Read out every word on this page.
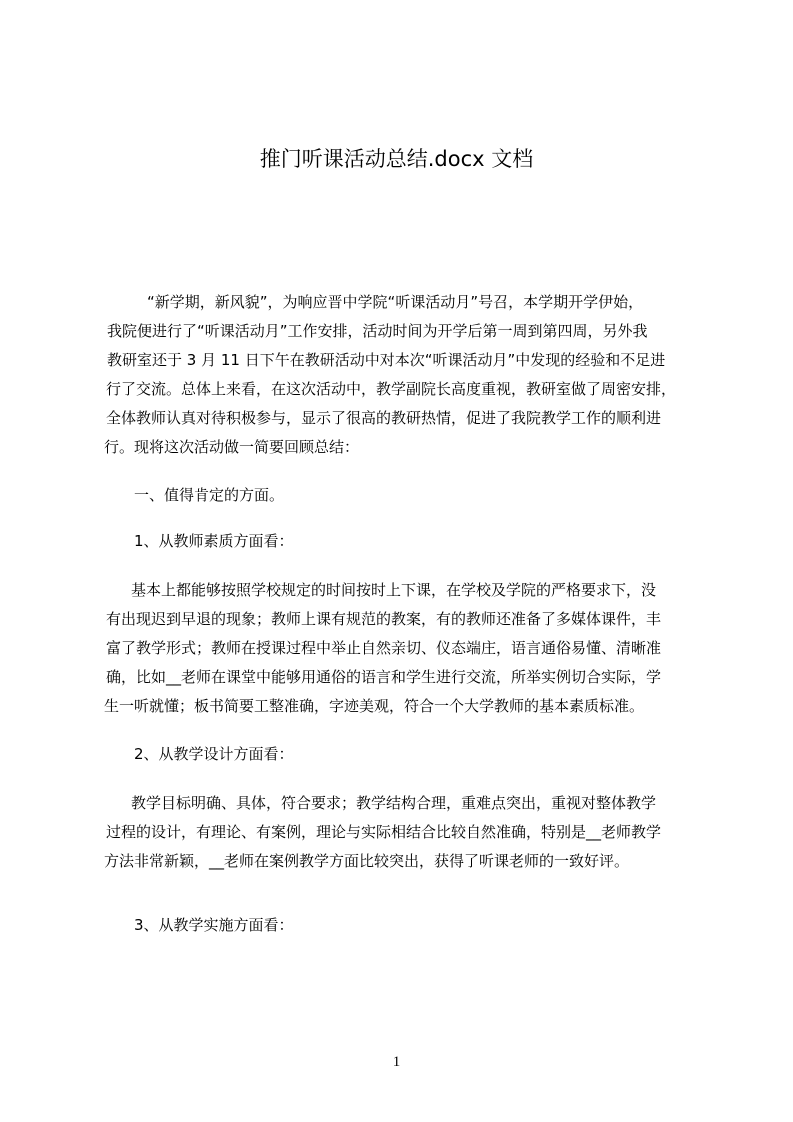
推门听课活动总结.docx 文档
“新学期，新风貌”，为响应晋中学院“听课活动月”号召，本学期开学伊始，
我院便进行了“听课活动月”工作安排，活动时间为开学后第一周到第四周，另外我
教研室还于 3 月 11 日下午在教研活动中对本次“听课活动月”中发现的经验和不足进
行了交流。总体上来看，在这次活动中，教学副院长高度重视，教研室做了周密安排，
全体教师认真对待积极参与，显示了很高的教研热情，促进了我院教学工作的顺利进
行。现将这次活动做一简要回顾总结：
一、值得肯定的方面。
1、从教师素质方面看：
基本上都能够按照学校规定的时间按时上下课，在学校及学院的严格要求下，没
有出现迟到早退的现象；教师上课有规范的教案，有的教师还准备了多媒体课件，丰
富了教学形式；教师在授课过程中举止自然亲切、仪态端庄，语言通俗易懂、清晰准
确，比如__老师在课堂中能够用通俗的语言和学生进行交流，所举实例切合实际，学
生一听就懂；板书简要工整准确，字迹美观，符合一个大学教师的基本素质标准。
2、从教学设计方面看：
教学目标明确、具体，符合要求；教学结构合理，重难点突出，重视对整体教学
过程的设计，有理论、有案例，理论与实际相结合比较自然准确，特别是__老师教学
方法非常新颖，__老师在案例教学方面比较突出，获得了听课老师的一致好评。
3、从教学实施方面看：
1
